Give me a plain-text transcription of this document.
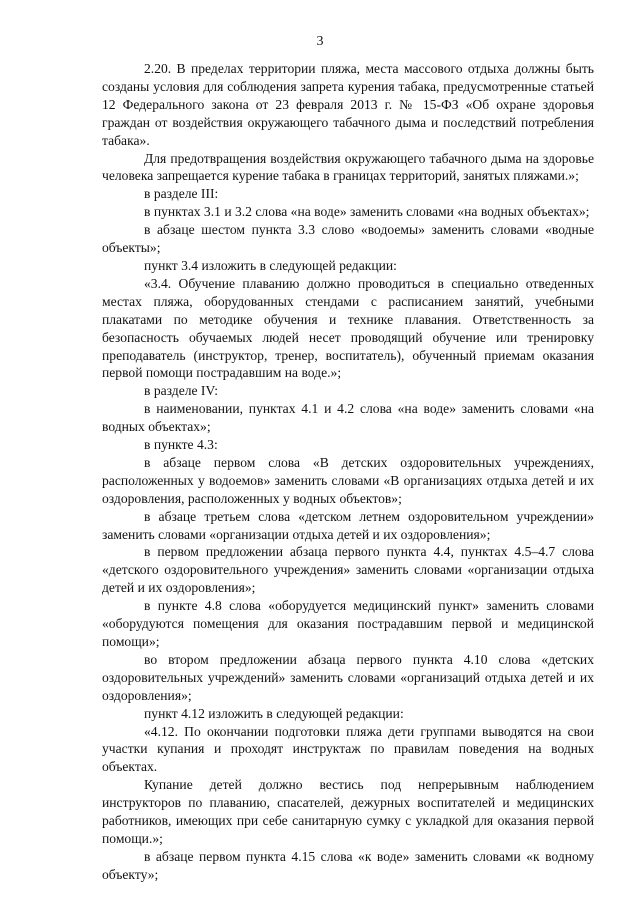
3

2.20. В пределах территории пляжа, места массового отдыха должны быть созданы условия для соблюдения запрета курения табака, предусмотренные статьей 12 Федерального закона от 23 февраля 2013 г. № 15-ФЗ «Об охране здоровья граждан от воздействия окружающего табачного дыма и последствий потребления табака».

Для предотвращения воздействия окружающего табачного дыма на здоровье человека запрещается курение табака в границах территорий, занятых пляжами.»;

в разделе III:

в пунктах 3.1 и 3.2 слова «на воде» заменить словами «на водных объектах»;

в абзаце шестом пункта 3.3 слово «водоемы» заменить словами «водные объекты»;

пункт 3.4 изложить в следующей редакции:

«3.4. Обучение плаванию должно проводиться в специально отведенных местах пляжа, оборудованных стендами с расписанием занятий, учебными плакатами по методике обучения и технике плавания. Ответственность за безопасность обучаемых людей несет проводящий обучение или тренировку преподаватель (инструктор, тренер, воспитатель), обученный приемам оказания первой помощи пострадавшим на воде.»;

в разделе IV:

в наименовании, пунктах 4.1 и 4.2 слова «на воде» заменить словами «на водных объектах»;

в пункте 4.3:

в абзаце первом слова «В детских оздоровительных учреждениях, расположенных у водоемов» заменить словами «В организациях отдыха детей и их оздоровления, расположенных у водных объектов»;

в абзаце третьем слова «детском летнем оздоровительном учреждении» заменить словами «организации отдыха детей и их оздоровления»;

в первом предложении абзаца первого пункта 4.4, пунктах 4.5–4.7 слова «детского оздоровительного учреждения» заменить словами «организации отдыха детей и их оздоровления»;

в пункте 4.8 слова «оборудуется медицинский пункт» заменить словами «оборудуются помещения для оказания пострадавшим первой и медицинской помощи»;

во втором предложении абзаца первого пункта 4.10 слова «детских оздоровительных учреждений» заменить словами «организаций отдыха детей и их оздоровления»;

пункт 4.12 изложить в следующей редакции:

«4.12. По окончании подготовки пляжа дети группами выводятся на свои участки купания и проходят инструктаж по правилам поведения на водных объектах.

Купание детей должно вестись под непрерывным наблюдением инструкторов по плаванию, спасателей, дежурных воспитателей и медицинских работников, имеющих при себе санитарную сумку с укладкой для оказания первой помощи.»;

в абзаце первом пункта 4.15 слова «к воде» заменить словами «к водному объекту»;
